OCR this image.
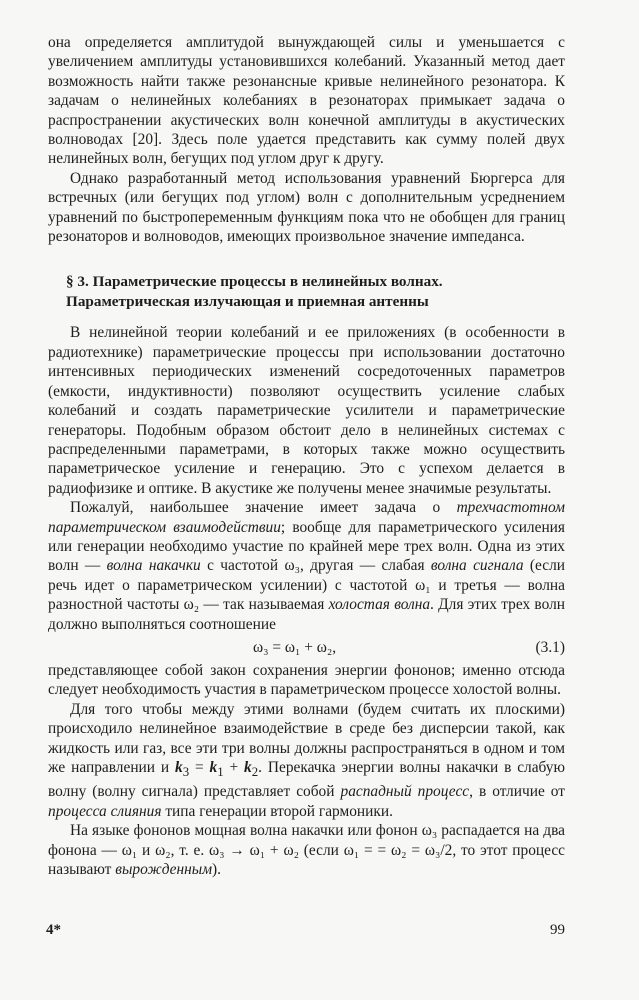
она определяется амплитудой вынуждающей силы и уменьшается с увеличением амплитуды установившихся колебаний. Указанный метод дает возможность найти также резонансные кривые нелинейного резонатора. К задачам о нелинейных колебаниях в резонаторах примыкает задача о распространении акустических волн конечной амплитуды в акустических волноводах [20]. Здесь поле удается представить как сумму полей двух нелинейных волн, бегущих под углом друг к другу.

Однако разработанный метод использования уравнений Бюргерса для встречных (или бегущих под углом) волн с дополнительным усреднением уравнений по быстропеременным функциям пока что не обобщен для границ резонаторов и волноводов, имеющих произвольное значение импеданса.

§ 3. Параметрические процессы в нелинейных волнах.
Параметрическая излучающая и приемная антенны

В нелинейной теории колебаний и ее приложениях (в особенности в радиотехнике) параметрические процессы при использовании достаточно интенсивных периодических изменений сосредоточенных параметров (емкости, индуктивности) позволяют осуществить усиление слабых колебаний и создать параметрические усилители и параметрические генераторы. Подобным образом обстоит дело в нелинейных системах с распределенными параметрами, в которых также можно осуществить параметрическое усиление и генерацию. Это с успехом делается в радиофизике и оптике. В акустике же получены менее значимые результаты.

Пожалуй, наибольшее значение имеет задача о трехчастотном параметрическом взаимодействии; вообще для параметрического усиления или генерации необходимо участие по крайней мере трех волн. Одна из этих волн — волна накачки с частотой ω₃, другая — слабая волна сигнала (если речь идет о параметрическом усилении) с частотой ω₁ и третья — волна разностной частоты ω₂ — так называемая холостая волна. Для этих трех волн должно выполняться соотношение

ω₃ = ω₁ + ω₂,	(3.1)

представляющее собой закон сохранения энергии фононов; именно отсюда следует необходимость участия в параметрическом процессе холостой волны.

Для того чтобы между этими волнами (будем считать их плоскими) происходило нелинейное взаимодействие в среде без дисперсии такой, как жидкость или газ, все эти три волны должны распространяться в одном и том же направлении и $k_3 = k_1 + k_2$. Перекачка энергии волны накачки в слабую волну (волну сигнала) представляет собой распадный процесс, в отличие от процесса слияния типа генерации второй гармоники.

На языке фононов мощная волна накачки или фонон ω₃ распадается на два фонона — ω₁ и ω₂, т. е. ω₃ → ω₁ + ω₂ (если ω₁ = = ω₂ = ω₃/2, то этот процесс называют вырожденным).

4*	99
